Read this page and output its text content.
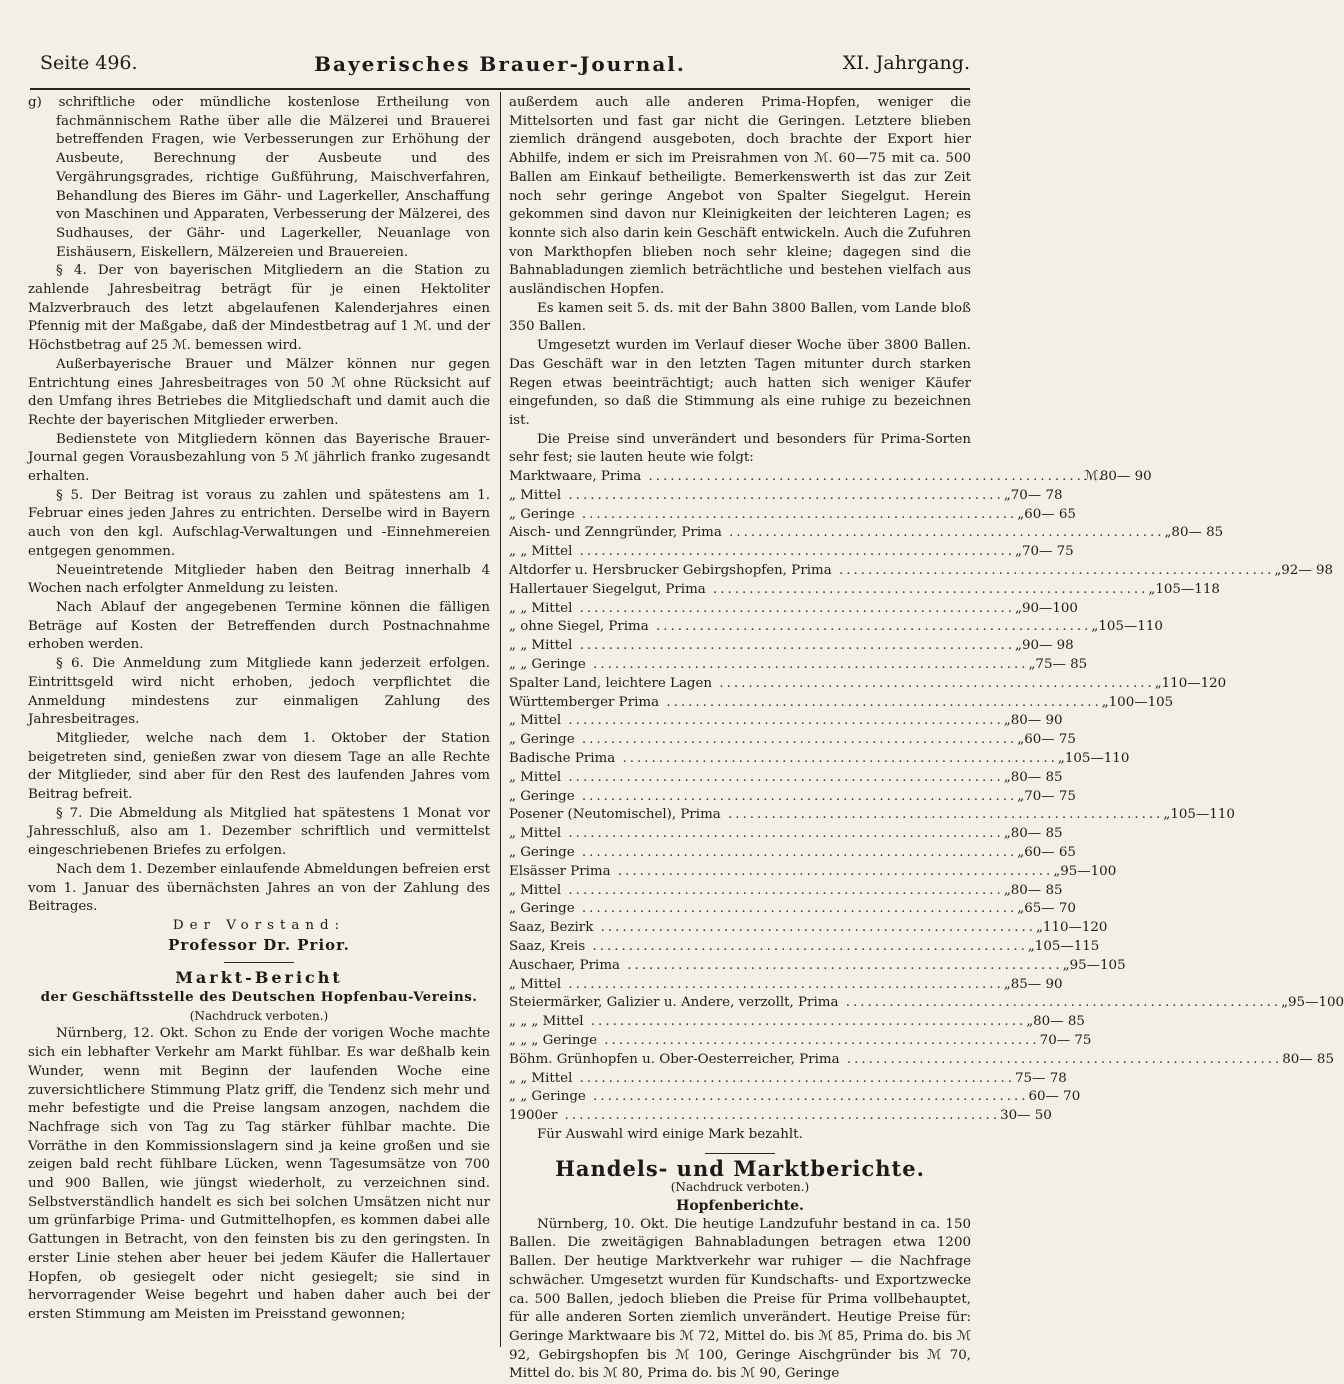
Seite 496.	Bayerisches Brauer-Journal.	XI. Jahrgang.

g) schriftliche oder mündliche kostenlose Ertheilung von fachmännischem Rathe über alle die Mälzerei und Brauerei betreffenden Fragen, wie Verbesserungen zur Erhöhung der Ausbeute, Berechnung der Ausbeute und des Vergährungsgrades, richtige Gußführung, Maischverfahren, Behandlung des Bieres im Gähr- und Lagerkeller, Anschaffung von Maschinen und Apparaten, Verbesserung der Mälzerei, des Sudhauses, der Gähr- und Lagerkeller, Neuanlage von Eishäusern, Eiskellern, Mälzereien und Brauereien.

§ 4. Der von bayerischen Mitgliedern an die Station zu zahlende Jahresbeitrag beträgt für je einen Hektoliter Malzverbrauch des letzt abgelaufenen Kalenderjahres einen Pfennig mit der Maßgabe, daß der Mindestbetrag auf 1 ℳ. und der Höchstbetrag auf 25 ℳ. bemessen wird.

Außerbayerische Brauer und Mälzer können nur gegen Entrichtung eines Jahresbeitrages von 50 ℳ ohne Rücksicht auf den Umfang ihres Betriebes die Mitgliedschaft und damit auch die Rechte der bayerischen Mitglieder erwerben.

Bedienstete von Mitgliedern können das Bayerische Brauer-Journal gegen Vorausbezahlung von 5 ℳ jährlich franko zugesandt erhalten.

§ 5. Der Beitrag ist voraus zu zahlen und spätestens am 1. Februar eines jeden Jahres zu entrichten. Derselbe wird in Bayern auch von den kgl. Aufschlag-Verwaltungen und -Einnehmereien entgegen genommen.

Neueintretende Mitglieder haben den Beitrag innerhalb 4 Wochen nach erfolgter Anmeldung zu leisten.

Nach Ablauf der angegebenen Termine können die fälligen Beträge auf Kosten der Betreffenden durch Postnachnahme erhoben werden.

§ 6. Die Anmeldung zum Mitgliede kann jederzeit erfolgen. Eintrittsgeld wird nicht erhoben, jedoch verpflichtet die Anmeldung mindestens zur einmaligen Zahlung des Jahresbeitrages.

Mitglieder, welche nach dem 1. Oktober der Station beigetreten sind, genießen zwar von diesem Tage an alle Rechte der Mitglieder, sind aber für den Rest des laufenden Jahres vom Beitrag befreit.

§ 7. Die Abmeldung als Mitglied hat spätestens 1 Monat vor Jahresschluß, also am 1. Dezember schriftlich und vermittelst eingeschriebenen Briefes zu erfolgen.

Nach dem 1. Dezember einlaufende Abmeldungen befreien erst vom 1. Januar des übernächsten Jahres an von der Zahlung des Beitrages.

Der Vorstand:

Professor Dr. Prior.

Markt-Bericht

der Geschäftsstelle des Deutschen Hopfenbau-Vereins.

(Nachdruck verboten.)

Nürnberg, 12. Okt. Schon zu Ende der vorigen Woche machte sich ein lebhafter Verkehr am Markt fühlbar. Es war deßhalb kein Wunder, wenn mit Beginn der laufenden Woche eine zuversichtlichere Stimmung Platz griff, die Tendenz sich mehr und mehr befestigte und die Preise langsam anzogen, nachdem die Nachfrage sich von Tag zu Tag stärker fühlbar machte. Die Vorräthe in den Kommissionslagern sind ja keine großen und sie zeigen bald recht fühlbare Lücken, wenn Tagesumsätze von 700 und 900 Ballen, wie jüngst wiederholt, zu verzeichnen sind. Selbstverständlich handelt es sich bei solchen Umsätzen nicht nur um grünfarbige Prima- und Gutmittelhopfen, es kommen dabei alle Gattungen in Betracht, von den feinsten bis zu den geringsten. In erster Linie stehen aber heuer bei jedem Käufer die Hallertauer Hopfen, ob gesiegelt oder nicht gesiegelt; sie sind in hervorragender Weise begehrt und haben daher auch bei der ersten Stimmung am Meisten im Preisstand gewonnen;

außerdem auch alle anderen Prima-Hopfen, weniger die Mittelsorten und fast gar nicht die Geringen. Letztere blieben ziemlich drängend ausgeboten, doch brachte der Export hier Abhilfe, indem er sich im Preisrahmen von ℳ. 60—75 mit ca. 500 Ballen am Einkauf betheiligte. Bemerkenswerth ist das zur Zeit noch sehr geringe Angebot von Spalter Siegelgut. Herein gekommen sind davon nur Kleinigkeiten der leichteren Lagen; es konnte sich also darin kein Geschäft entwickeln. Auch die Zufuhren von Markthopfen blieben noch sehr kleine; dagegen sind die Bahnabladungen ziemlich beträchtliche und bestehen vielfach aus ausländischen Hopfen.

Es kamen seit 5. ds. mit der Bahn 3800 Ballen, vom Lande bloß 350 Ballen.

Umgesetzt wurden im Verlauf dieser Woche über 3800 Ballen. Das Geschäft war in den letzten Tagen mitunter durch starken Regen etwas beeinträchtigt; auch hatten sich weniger Käufer eingefunden, so daß die Stimmung als eine ruhige zu bezeichnen ist.

Die Preise sind unverändert und besonders für Prima-Sorten sehr fest; sie lauten heute wie folgt:

Marktwaare, Prima ............................................................ ℳ.
80— 90
„ Mittel ............................................................ „ 70— 78
„ Geringe ............................................................ „ 60— 65
Aisch- und Zenngründer, Prima ............................................................ „ 80— 85
„ „ Mittel ............................................................ „ 70— 75
Altdorfer u. Hersbrucker Gebirgshopfen, Prima ............................................................ „ 92— 98
Hallertauer Siegelgut, Prima ............................................................ „ 105—118
„ „ Mittel ............................................................ „ 90—100
„ ohne Siegel, Prima ............................................................ „ 105—110
„ „ Mittel ............................................................ „ 90— 98
„ „ Geringe ............................................................ „ 75— 85
Spalter Land, leichtere Lagen ............................................................ „ 110—120
Württemberger Prima ............................................................ „ 100—105
„ Mittel ............................................................ „ 80— 90
„ Geringe ............................................................ „ 60— 75
Badische Prima ............................................................ „ 105—110
„ Mittel ............................................................ „ 80— 85
„ Geringe ............................................................ „ 70— 75
Posener (Neutomischel), Prima ............................................................ „ 105—110
„ Mittel ............................................................ „ 80— 85
„ Geringe ............................................................ „ 60— 65
Elsässer Prima ............................................................ „ 95—100
„ Mittel ............................................................ „ 80— 85
„ Geringe ............................................................ „ 65— 70
Saaz, Bezirk ............................................................ „ 110—120
Saaz, Kreis ............................................................ „ 105—115
Auschaer, Prima ............................................................ „ 95—105
„ Mittel ............................................................ „ 85— 90
Steiermärker, Galizier u. Andere, verzollt, Prima ............................................................ „ 95—100
„ „ „ Mittel ............................................................ „ 80— 85
„ „ „ Geringe ............................................................ 70— 75
Böhm. Grünhopfen u. Ober-Oesterreicher, Prima ............................................................ 80— 85
„ „ Mittel ............................................................ 75— 78
„ „ Geringe ............................................................ 60— 70
1900er ............................................................ 30— 50

Für Auswahl wird einige Mark bezahlt.

Handels- und Marktberichte.

(Nachdruck verboten.)

Hopfenberichte.

Nürnberg, 10. Okt. Die heutige Landzufuhr bestand in ca. 150 Ballen. Die zweitägigen Bahnabladungen betragen etwa 1200 Ballen. Der heutige Marktverkehr war ruhiger — die Nachfrage schwächer. Umgesetzt wurden für Kundschafts- und Exportzwecke ca. 500 Ballen, jedoch blieben die Preise für Prima vollbehauptet, für alle anderen Sorten ziemlich unverändert. Heutige Preise für: Geringe Marktwaare bis ℳ 72, Mittel do. bis ℳ 85, Prima do. bis ℳ 92, Gebirgshopfen bis ℳ 100, Geringe Aischgründer bis ℳ 70, Mittel do. bis ℳ 80, Prima do. bis ℳ 90, Geringe
